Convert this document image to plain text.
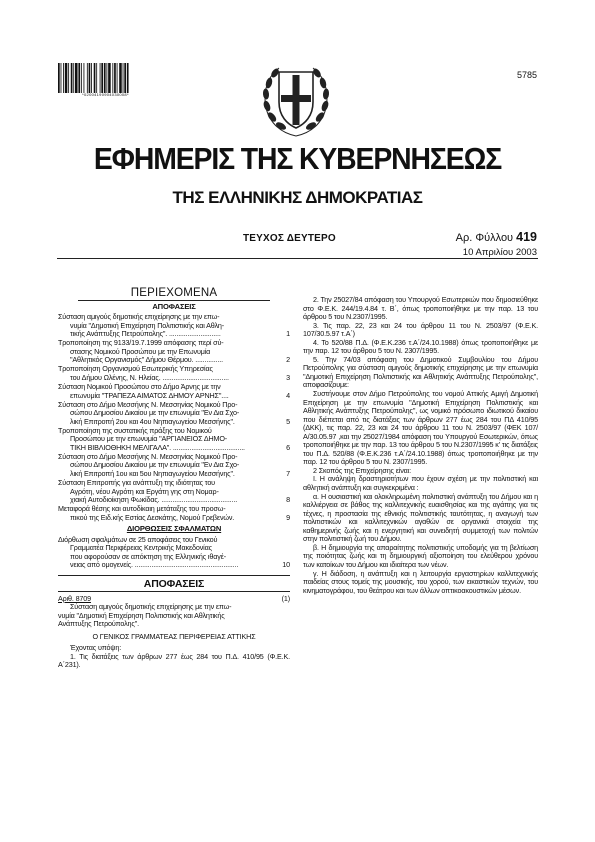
*02004190904030008*
5785
ΕΦΗΜΕΡΙΣ ΤΗΣ ΚΥΒΕΡΝΗΣΕΩΣ
ΤΗΣ ΕΛΛΗΝΙΚΗΣ ΔΗΜΟΚΡΑΤΙΑΣ
ΤΕΥΧΟΣ ΔΕΥΤΕΡΟ	Αρ. Φύλλου 419
10 Απριλίου 2003
ΠΕΡΙΕΧΟΜΕΝΑ
ΑΠΟΦΑΣΕΙΣ
Σύσταση αμιγούς δημοτικής επιχείρησης με την επω-
νυμία "Δημοτική Επιχείρηση Πολιτιστικής και Αθλη-
τικής Ανάπτυξης Πετρούπολης". ............................	1
Τροποποίηση της 9133/19.7.1999 απόφασης περί σύ-
στασης Νομικού Προσώπου με την Επωνυμία
"Αθλητικός Οργανισμός" Δήμου Θέρμου. ...............	2
Τροποποίηση Οργανισμού Εσωτερικής Υπηρεσίας
του Δήμου Ωλένης, Ν. Ηλείας. ....................................	3
Σύσταση Νομικού Προσώπου στο Δήμο Άρνης με την
επωνυμία "ΤΡΑΠΕΖΑ ΑΙΜΑΤΟΣ ΔΗΜΟΥ ΑΡΝΗΣ"....	4
Σύσταση στο Δήμο Μεσσήνης Ν. Μεσσηνίας Νομικού Προ-
σώπου Δημοσίου Δικαίου με την επωνυμία "Εν Δια Σχο-
λική Επιτροπή 2ου και 4ου Νηπιαγωγείου Μεσσήνης".	5
Τροποποίηση της συστατικής πράξης του Νομικού
Προσώπου με την επωνυμία "ΑΡΓΙΑΝΕΙΟΣ ΔΗΜΟ-
ΤΙΚΗ ΒΙΒΛΙΟΘΗΚΗ ΜΕΛΙΓΑΛΑ". .......................................	6
Σύσταση στο Δήμο Μεσσήνης Ν. Μεσσηνίας Νομικού Προ-
σώπου Δημοσίου Δικαίου με την επωνυμία "Εν Δια Σχο-
λική Επιτροπή 1ου και 5ου Νηπιαγωγείου Μεσσήνης".	7
Σύσταση Επιτροπής για ανάπτυξη της ιδιότητας του
Αγρότη, νέου Αγρότη και Εργάτη γης στη Νομαρ-
χιακή Αυτοδιοίκηση Φωκίδας. .........................................	8
Μεταφορά θέσης και αυτοδίκαιη μετάταξης του προσω-
πικού της Ειδ.κής Εστίας Δεσκάτης, Νομού Γρεβενών.	9
ΔΙΟΡΘΩΣΕΙΣ ΣΦΑΛΜΑΤΩΝ
Διόρθωση σφαλμάτων σε 25 αποφάσεις του Γενικού
Γραμματέα Περιφέρειας Κεντρικής Μακεδονίας
που αφορούσαν σε απόκτηση της Ελληνικής ιθαγέ-
νειας από ομογενείς. ........................................................	10
ΑΠΟΦΑΣΕΙΣ
Αριθ. 8709	(1)
Σύσταση αμιγούς δημοτικής επιχείρησης με την επω-
νυμία "Δημοτική Επιχείρηση Πολιτιστικής και Αθλητικής
Ανάπτυξης Πετρούπολης".

Ο ΓΕΝΙΚΟΣ ΓΡΑΜΜΑΤΕΑΣ ΠΕΡΙΦΕΡΕΙΑΣ ΑΤΤΙΚΗΣ

Έχοντας υπόψη:

1. Τις διατάξεις των άρθρων 277 έως 284 του Π.Δ. 410/95 (Φ.Ε.Κ. Α΄231).

2. Την 25027/84 απόφαση του Υπουργού Εσωτερικών που δημοσιεύθηκε στο Φ.Ε.Κ. 244/19.4.84 τ. Β΄, όπως τροποποιήθηκε με την παρ. 13 του άρθρου 5 του Ν.2307/1995.

3. Τις παρ. 22, 23 και 24 του άρθρου 11 του Ν. 2503/97 (Φ.Ε.Κ. 107/30.5.97 τ.Α΄)

4. Το 520/88 Π.Δ. (Φ.Ε.Κ.236 τ.Α΄/24.10.1988) όπως τροποποιήθηκε με την παρ. 12 του άρθρου 5 του Ν. 2307/1995.

5. Την 74/03 απόφαση του Δημοτικού Συμβουλίου του Δήμου Πετρούπολης για σύσταση αμιγούς δημοτικής επιχείρησης με την επωνυμία "Δημοτική Επιχείρηση Πολιτιστικής και Αθλητικής Ανάπτυξης Πετρούπολης", αποφασίζουμε:

Συστήνουμε στον Δήμο Πετρούπολης του νομού Αττικής Αμιγή Δημοτική Επιχείρηση με την επωνυμία "Δημοτική Επιχείρηση Πολιτιστικής και Αθλητικής Ανάπτυξης Πετρούπολης", ως νομικό πρόσωπο ιδιωτικού δικαίου που διέπεται από τις διατάξεις των άρθρων 277 έως 284 του ΠΔ 410/95 (ΔΚΚ), τις παρ. 22, 23 και 24 του άρθρου 11 του Ν. 2503/97 (ΦΕΚ 107/Α/30.05.97 ,και την 25027/1984 απόφαση του Υπουργού Εσωτερικών, όπως τροποποιήθηκε με την παρ. 13 του άρθρου 5 του Ν.2307/1995 κ' τις διατάξεις του Π.Δ. 520/88 (Φ.Ε.Κ.236 τ.Α΄/24.10.1988) όπως τροποποιήθηκε με την παρ. 12 του άρθρου 5 του Ν. 2307/1995.

2 Σκοπός της Επιχείρησης είναι:

Ι. Η ανάληψη δραστηριοτήτων που έχουν σχέση με την πολιτιστική και αθλητική ανάπτυξη και συγκεκριμένα :

α. Η ουσιαστική και ολοκληρωμένη πολιτιστική ανάπτυξη του Δήμου και η καλλιέργεια σε βάθος της καλλιτεχνικής ευαισθησίας και της αγάπης για τις τέχνες, η προστασία της εθνικής πολιτιστικής ταυτότητας, η αναγωγή των πολιτιστικών και καλλιτεχνικών αγαθών σε οργανικά στοιχεία της καθημερινής ζωής και η ενεργητική και συνειδητή συμμετοχή των πολιτών στην πολιτιστική ζωή του Δήμου.

β. Η δημιουργία της απαραίτητης πολιτιστικής υποδομής για τη βελτίωση της ποιότητας ζωής και τη δημιουργική αξιοποίηση του ελεύθερου χρόνου των κατοίκων του Δήμου και ιδιαίτερα των νέων.

γ. Η διάδοση, η ανάπτυξη και η λειτουργία εργαστηρίων καλλιτεχνικής παιδείας στους τομείς της μουσικής, του χορού, των εικαστικών τεχνών, του κινηματογράφου, του θεάτρου και των άλλων οπτικοακουστικών μέσων.
